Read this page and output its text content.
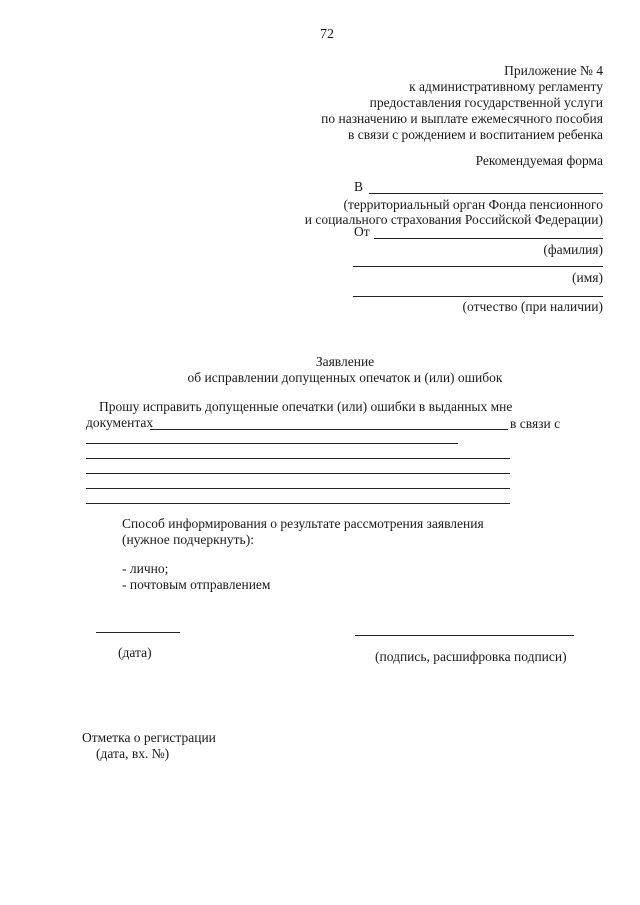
72
Приложение № 4
к административному регламенту
предоставления государственной услуги
по назначению и выплате ежемесячного пособия
в связи с рождением и воспитанием ребенка
Рекомендуемая форма
В
(территориальный орган Фонда пенсионного
и социального страхования Российской Федерации)
От
(фамилия)
(имя)
(отчество (при наличии)
Заявление
об исправлении допущенных опечаток и (или) ошибок
Прошу исправить допущенные опечатки (или) ошибки в выданных мне
документах	в связи с
Способ информирования о результате рассмотрения заявления
(нужное подчеркнуть):
- лично;
- почтовым отправлением
(дата)	(подпись, расшифровка подписи)
Отметка о регистрации
(дата, вх. №)
